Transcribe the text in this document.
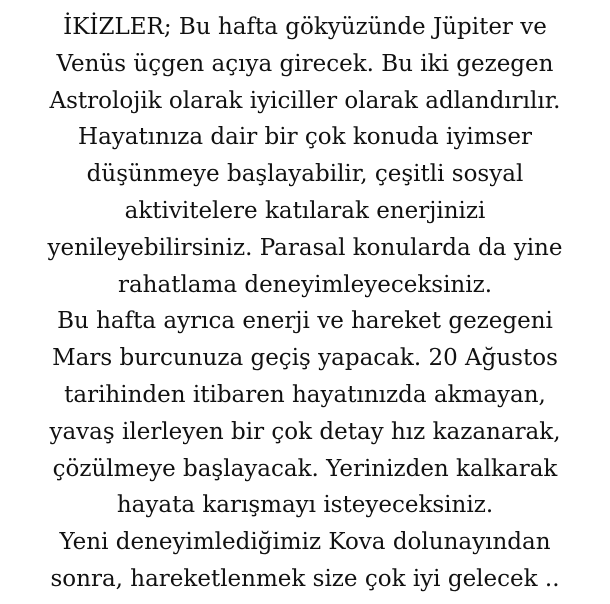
İKİZLER; Bu hafta gökyüzünde Jüpiter ve
Venüs üçgen açıya girecek. Bu iki gezegen
Astrolojik olarak iyiciller olarak adlandırılır.
Hayatınıza dair bir çok konuda iyimser
düşünmeye başlayabilir, çeşitli sosyal
aktivitelere katılarak enerjinizi
yenileyebilirsiniz. Parasal konularda da yine
rahatlama deneyimleyeceksiniz.
Bu hafta ayrıca enerji ve hareket gezegeni
Mars burcunuza geçiş yapacak. 20 Ağustos
tarihinden itibaren hayatınızda akmayan,
yavaş ilerleyen bir çok detay hız kazanarak,
çözülmeye başlayacak. Yerinizden kalkarak
hayata karışmayı isteyeceksiniz.
Yeni deneyimlediğimiz Kova dolunayından
sonra, hareketlenmek size çok iyi gelecek ..
